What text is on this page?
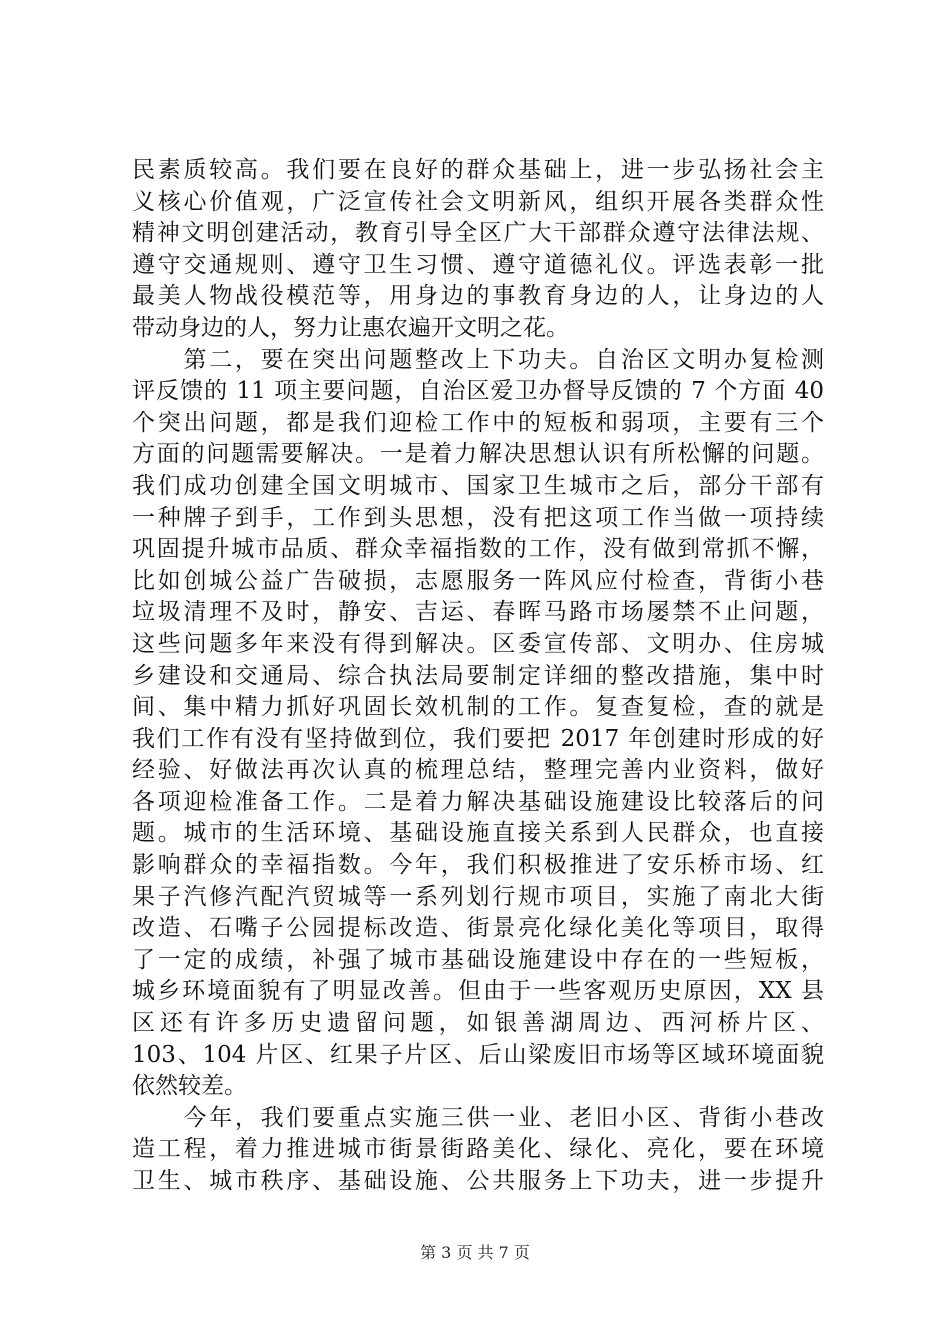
民素质较高。我们要在良好的群众基础上，进一步弘扬社会主
义核心价值观，广泛宣传社会文明新风，组织开展各类群众性
精神文明创建活动，教育引导全区广大干部群众遵守法律法规、
遵守交通规则、遵守卫生习惯、遵守道德礼仪。评选表彰一批
最美人物战役模范等，用身边的事教育身边的人，让身边的人
带动身边的人，努力让惠农遍开文明之花。
　　第二，要在突出问题整改上下功夫。自治区文明办复检测
评反馈的 11 项主要问题，自治区爱卫办督导反馈的 7 个方面 40
个突出问题，都是我们迎检工作中的短板和弱项，主要有三个
方面的问题需要解决。一是着力解决思想认识有所松懈的问题。
我们成功创建全国文明城市、国家卫生城市之后，部分干部有
一种牌子到手，工作到头思想，没有把这项工作当做一项持续
巩固提升城市品质、群众幸福指数的工作，没有做到常抓不懈，
比如创城公益广告破损，志愿服务一阵风应付检查，背街小巷
垃圾清理不及时，静安、吉运、春晖马路市场屡禁不止问题，
这些问题多年来没有得到解决。区委宣传部、文明办、住房城
乡建设和交通局、综合执法局要制定详细的整改措施，集中时
间、集中精力抓好巩固长效机制的工作。复查复检，查的就是
我们工作有没有坚持做到位，我们要把 2017 年创建时形成的好
经验、好做法再次认真的梳理总结，整理完善内业资料，做好
各项迎检准备工作。二是着力解决基础设施建设比较落后的问
题。城市的生活环境、基础设施直接关系到人民群众，也直接
影响群众的幸福指数。今年，我们积极推进了安乐桥市场、红
果子汽修汽配汽贸城等一系列划行规市项目，实施了南北大街
改造、石嘴子公园提标改造、街景亮化绿化美化等项目，取得
了一定的成绩，补强了城市基础设施建设中存在的一些短板，
城乡环境面貌有了明显改善。但由于一些客观历史原因，XX 县
区还有许多历史遗留问题，如银善湖周边、西河桥片区、
103、104 片区、红果子片区、后山梁废旧市场等区域环境面貌
依然较差。
　　今年，我们要重点实施三供一业、老旧小区、背街小巷改
造工程，着力推进城市街景街路美化、绿化、亮化，要在环境
卫生、城市秩序、基础设施、公共服务上下功夫，进一步提升
第 3 页 共 7 页
